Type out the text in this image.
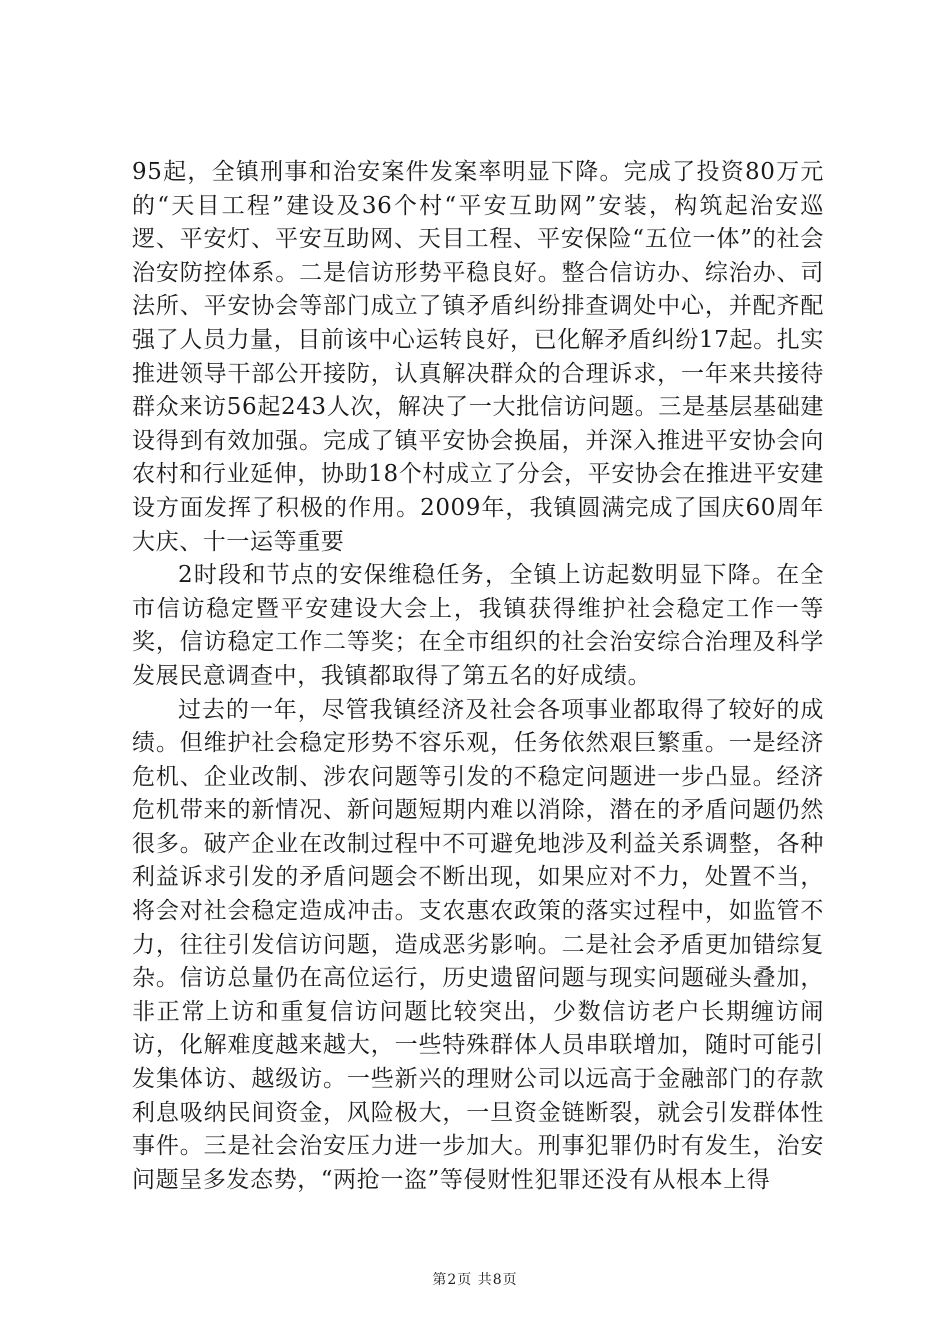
95起，全镇刑事和治安案件发案率明显下降。完成了投资80万元的“天目工程”建设及36个村“平安互助网”安装，构筑起治安巡逻、平安灯、平安互助网、天目工程、平安保险“五位一体”的社会治安防控体系。二是信访形势平稳良好。整合信访办、综治办、司法所、平安协会等部门成立了镇矛盾纠纷排查调处中心，并配齐配强了人员力量，目前该中心运转良好，已化解矛盾纠纷17起。扎实推进领导干部公开接防，认真解决群众的合理诉求，一年来共接待群众来访56起243人次，解决了一大批信访问题。三是基层基础建设得到有效加强。完成了镇平安协会换届，并深入推进平安协会向农村和行业延伸，协助18个村成立了分会，平安协会在推进平安建设方面发挥了积极的作用。2009年，我镇圆满完成了国庆60周年大庆、十一运等重要

2时段和节点的安保维稳任务，全镇上访起数明显下降。在全市信访稳定暨平安建设大会上，我镇获得维护社会稳定工作一等奖，信访稳定工作二等奖；在全市组织的社会治安综合治理及科学发展民意调查中，我镇都取得了第五名的好成绩。

过去的一年，尽管我镇经济及社会各项事业都取得了较好的成绩。但维护社会稳定形势不容乐观，任务依然艰巨繁重。一是经济危机、企业改制、涉农问题等引发的不稳定问题进一步凸显。经济危机带来的新情况、新问题短期内难以消除，潜在的矛盾问题仍然很多。破产企业在改制过程中不可避免地涉及利益关系调整，各种利益诉求引发的矛盾问题会不断出现，如果应对不力，处置不当，将会对社会稳定造成冲击。支农惠农政策的落实过程中，如监管不力，往往引发信访问题，造成恶劣影响。二是社会矛盾更加错综复杂。信访总量仍在高位运行，历史遗留问题与现实问题碰头叠加，非正常上访和重复信访问题比较突出，少数信访老户长期缠访闹访，化解难度越来越大，一些特殊群体人员串联增加，随时可能引发集体访、越级访。一些新兴的理财公司以远高于金融部门的存款利息吸纳民间资金，风险极大，一旦资金链断裂，就会引发群体性事件。三是社会治安压力进一步加大。刑事犯罪仍时有发生，治安问题呈多发态势，“两抢一盗”等侵财性犯罪还没有从根本上得

第2页 共8页
